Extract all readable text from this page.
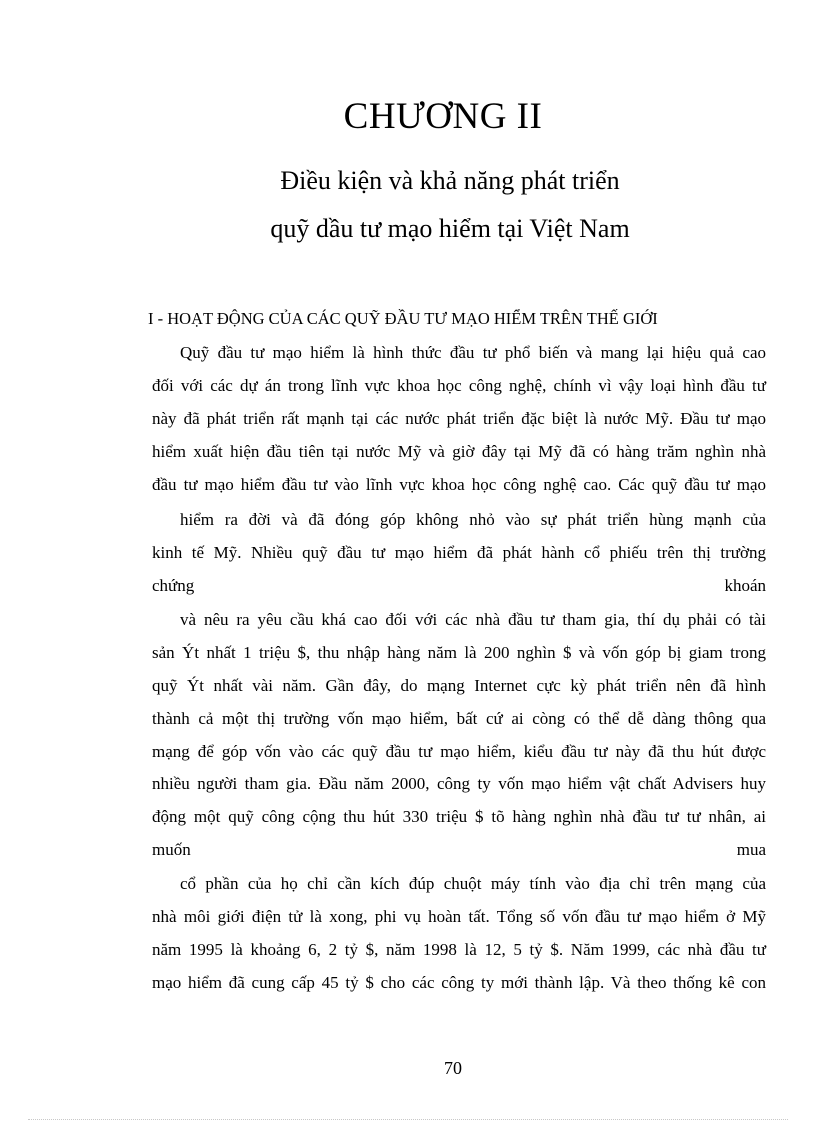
CHƯƠNG II
Điều kiện và khả năng phát triển
quỹ dầu tư mạo hiểm tại Việt Nam
I - HOẠT ĐỘNG CỦA CÁC QUỸ ĐẦU TƯ MẠO HIỂM TRÊN THẾ GIỚI
Quỹ đầu tư mạo hiểm là hình thức đầu tư phổ biến và mang lại hiệu quả cao
đối với các dự án trong lĩnh vực khoa học công nghệ, chính vì vậy loại hình đầu tư
này đã phát triển rất mạnh tại các nước phát triển đặc biệt là nước Mỹ. Đầu tư mạo
hiểm xuất hiện đầu tiên tại nước Mỹ và giờ đây tại Mỹ đã có hàng trăm nghìn nhà
đầu tư mạo hiểm đầu tư vào lĩnh vực khoa học công nghệ cao. Các quỹ đầu tư mạo
hiểm ra đời và đã đóng góp không nhỏ vào sự phát triển hùng mạnh của
kinh tế Mỹ. Nhiều quỹ đầu tư mạo hiểm đã phát hành cổ phiếu trên thị trường
chứng	khoán
và nêu ra yêu cầu khá cao đối với các nhà đầu tư tham gia, thí dụ phải có tài
sản Ýt nhất 1 triệu $, thu nhập hàng năm là 200 nghìn $ và vốn góp bị giam trong
quỹ Ýt nhất vài năm. Gần đây, do mạng Internet cực kỳ phát triển nên đã hình
thành cả một thị trường vốn mạo hiểm, bất cứ ai còng có thể dễ dàng thông qua
mạng để góp vốn vào các quỹ đầu tư mạo hiểm, kiểu đầu tư này đã thu hút được
nhiều người tham gia. Đầu năm 2000, công ty vốn mạo hiểm vật chất Advisers huy
động một quỹ công cộng thu hút 330 triệu $ tõ hàng nghìn nhà đầu tư tư nhân, ai
muốn	mua
cổ phần của họ chỉ cần kích đúp chuột máy tính vào địa chỉ trên mạng của
nhà môi giới điện tử là xong, phi vụ hoàn tất. Tổng số vốn đầu tư mạo hiểm ở Mỹ
năm 1995 là khoảng 6, 2 tỷ $, năm 1998 là 12, 5 tỷ $. Năm 1999, các nhà đầu tư
mạo hiểm đã cung cấp 45 tỷ $ cho các công ty mới thành lập. Và theo thống kê con
70
